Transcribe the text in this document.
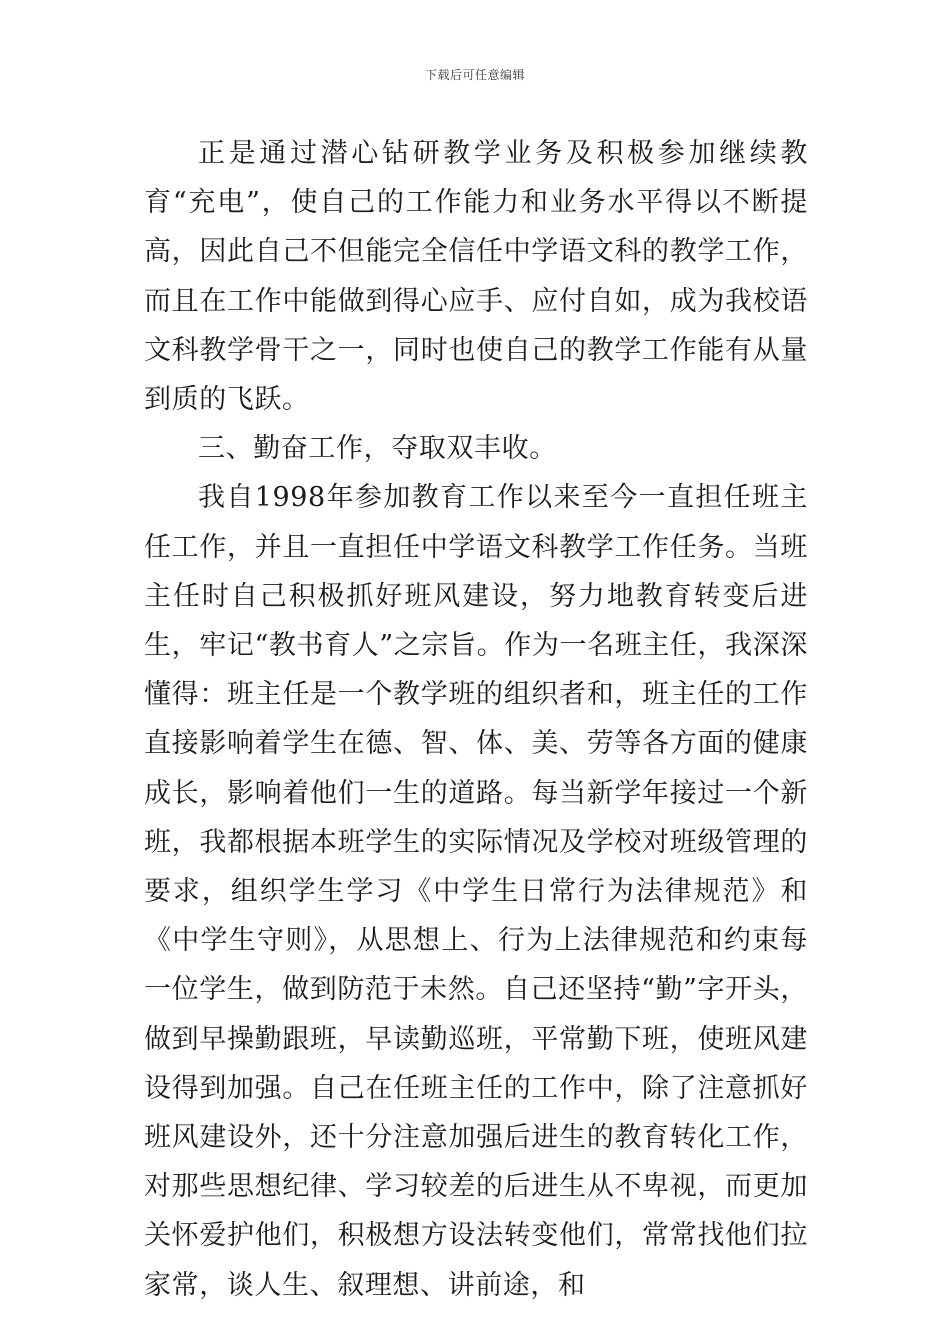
下载后可任意编辑

正是通过潜心钻研教学业务及积极参加继续教育“充电”，使自己的工作能力和业务水平得以不断提高，因此自己不但能完全信任中学语文科的教学工作，而且在工作中能做到得心应手、应付自如，成为我校语文科教学骨干之一，同时也使自己的教学工作能有从量到质的飞跃。

三、勤奋工作，夺取双丰收。

我自1998年参加教育工作以来至今一直担任班主任工作，并且一直担任中学语文科教学工作任务。当班主任时自己积极抓好班风建设，努力地教育转变后进生，牢记“教书育人”之宗旨。作为一名班主任，我深深懂得：班主任是一个教学班的组织者和，班主任的工作直接影响着学生在德、智、体、美、劳等各方面的健康成长，影响着他们一生的道路。每当新学年接过一个新班，我都根据本班学生的实际情况及学校对班级管理的要求，组织学生学习《中学生日常行为法律规范》和《中学生守则》，从思想上、行为上法律规范和约束每一位学生，做到防范于未然。自己还坚持“勤”字开头，做到早操勤跟班，早读勤巡班，平常勤下班，使班风建设得到加强。自己在任班主任的工作中，除了注意抓好班风建设外，还十分注意加强后进生的教育转化工作，对那些思想纪律、学习较差的后进生从不卑视，而更加关怀爱护他们，积极想方设法转变他们，常常找他们拉家常，谈人生、叙理想、讲前途，和
